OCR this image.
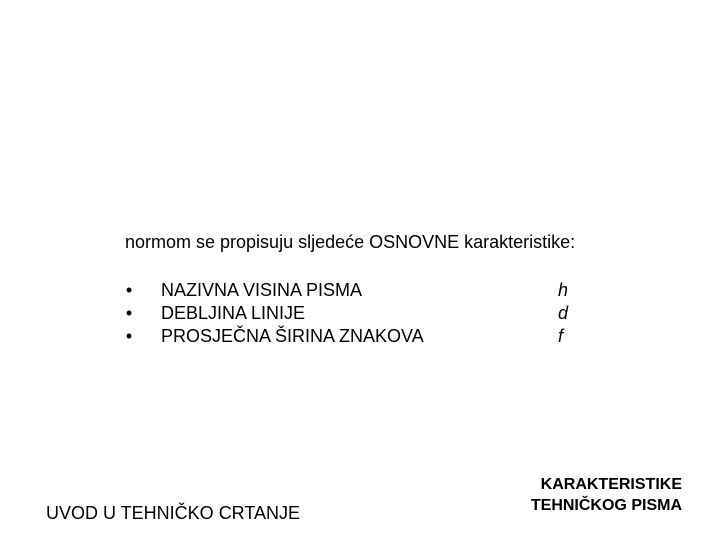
normom se propisuju sljedeće OSNOVNE karakteristike:
• NAZIVNA VISINA PISMA	h
• DEBLJINA LINIJE	d
• PROSJEČNA ŠIRINA ZNAKOVA	f
UVOD U TEHNIČKO CRTANJE
KARAKTERISTIKE
TEHNIČKOG PISMA
